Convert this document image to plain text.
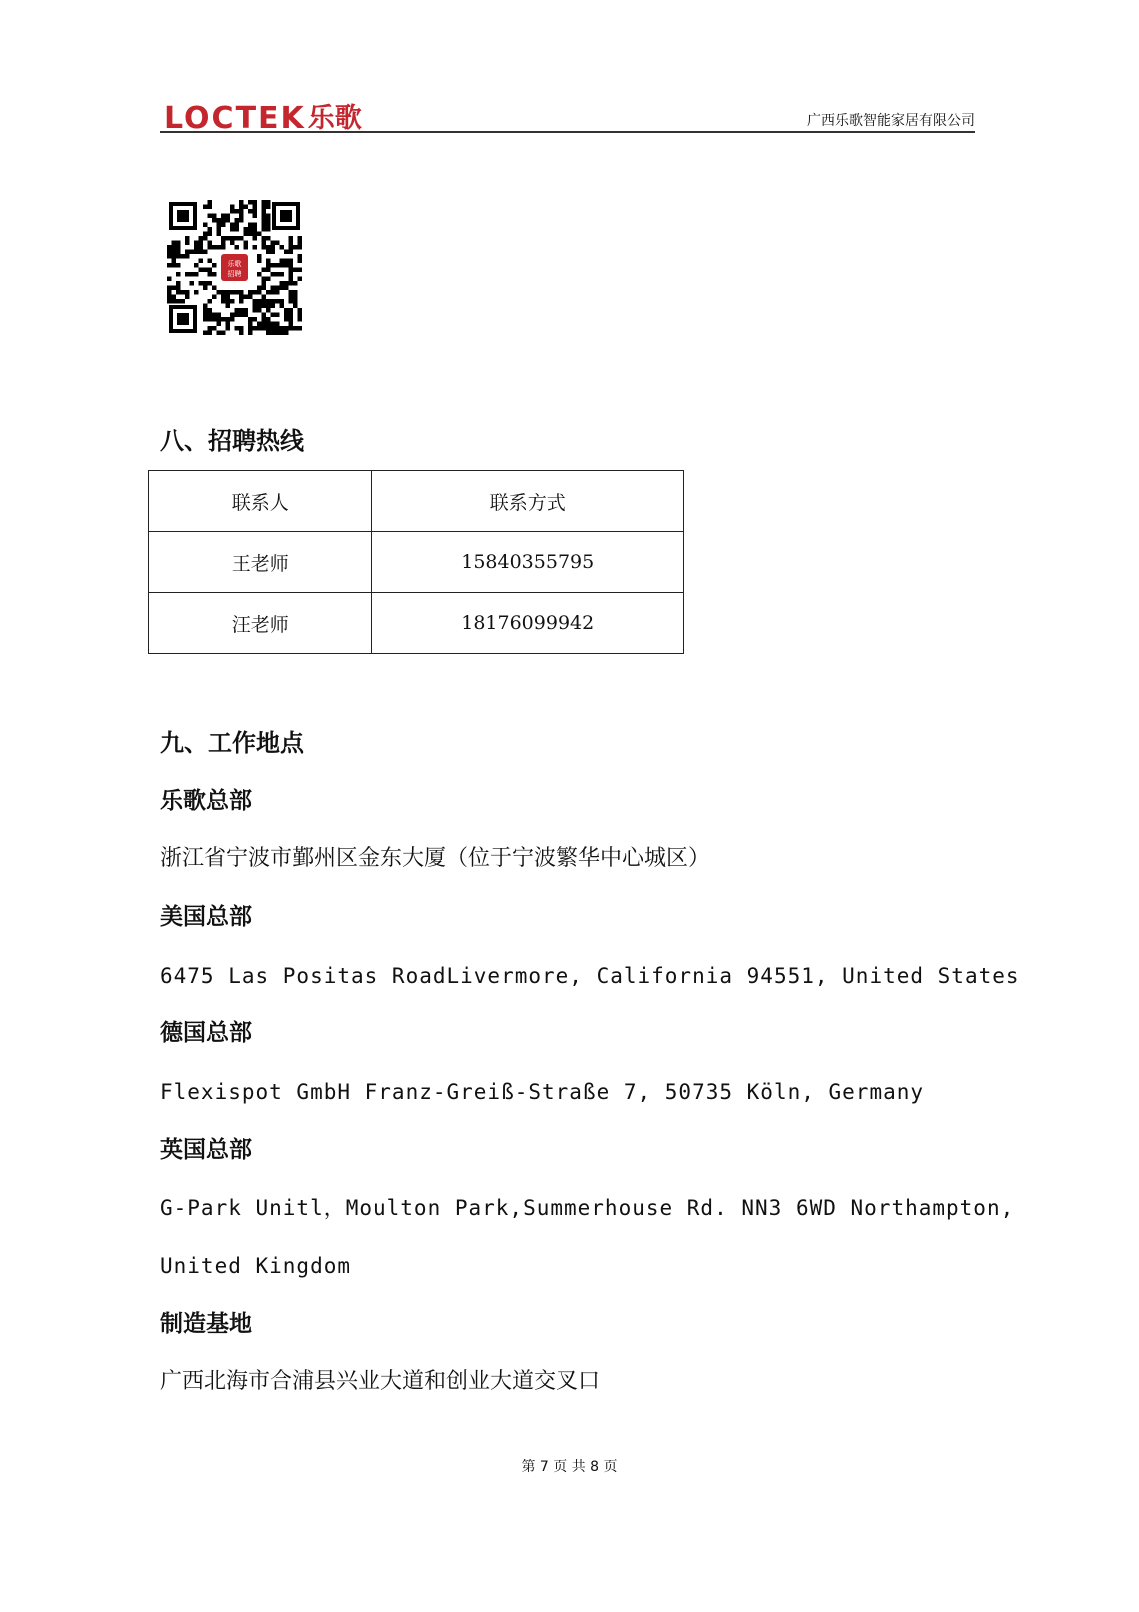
LOCTEK 乐歌	广西乐歌智能家居有限公司
乐歌
招聘
八、招聘热线
联系人	联系方式
王老师	15840355795
汪老师	18176099942
九、工作地点
乐歌总部
浙江省宁波市鄞州区金东大厦（位于宁波繁华中心城区）
美国总部
6475 Las Positas RoadLivermore, California 94551, United States
德国总部
Flexispot GmbH Franz-Greiß-Straße 7, 50735 Köln, Germany
英国总部
G-Park Unitl，Moulton Park,Summerhouse Rd. NN3 6WD Northampton,
United Kingdom
制造基地
广西北海市合浦县兴业大道和创业大道交叉口
第 7 页 共 8 页
